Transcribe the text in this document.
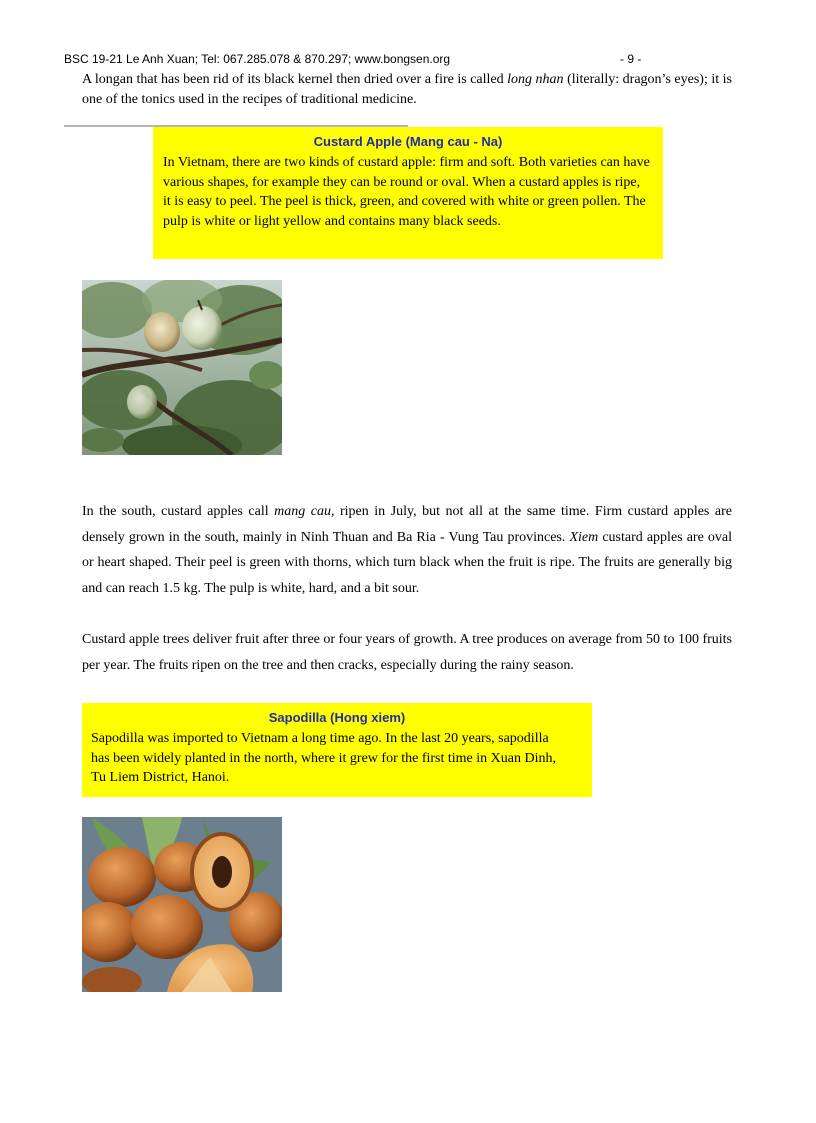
BSC 19-21 Le Anh Xuan; Tel: 067.285.078 & 870.297; www.bongsen.org	- 9 -
A longan that has been rid of its black kernel then dried over a fire is called long nhan (literally: dragon’s eyes); it is one of the tonics used in the recipes of traditional medicine.
Custard Apple (Mang cau - Na)
In Vietnam, there are two kinds of custard apple: firm and soft. Both varieties can have various shapes, for example they can be round or oval. When a custard apples is ripe, it is easy to peel. The peel is thick, green, and covered with white or green pollen. The pulp is white or light yellow and contains many black seeds.
In the south, custard apples call mang cau, ripen in July, but not all at the same time. Firm custard apples are densely grown in the south, mainly in Ninh Thuan and Ba Ria - Vung Tau provinces. Xiem custard apples are oval or heart shaped. Their peel is green with thorns, which turn black when the fruit is ripe. The fruits are generally big and can reach 1.5 kg. The pulp is white, hard, and a bit sour.
Custard apple trees deliver fruit after three or four years of growth. A tree produces on average from 50 to 100 fruits per year. The fruits ripen on the tree and then cracks, especially during the rainy season.
Sapodilla (Hong xiem)
Sapodilla was imported to Vietnam a long time ago. In the last 20 years, sapodilla has been widely planted in the north, where it grew for the first time in Xuan Dinh, Tu Liem District, Hanoi.
